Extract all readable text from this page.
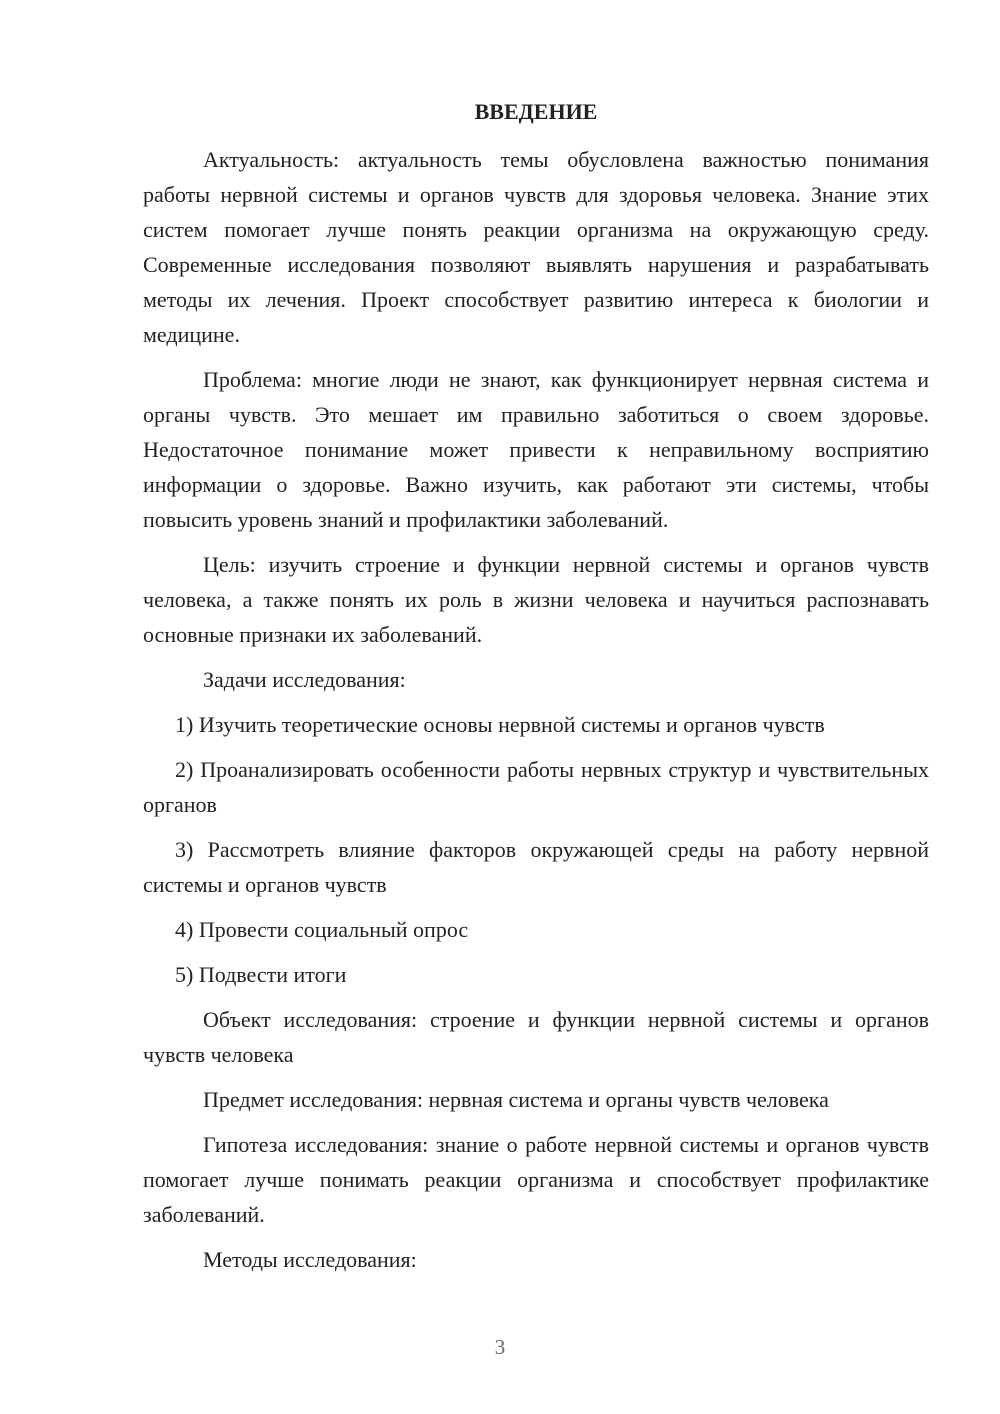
ВВЕДЕНИЕ

Актуальность: актуальность темы обусловлена важностью понимания работы нервной системы и органов чувств для здоровья человека. Знание этих систем помогает лучше понять реакции организма на окружающую среду. Современные исследования позволяют выявлять нарушения и разрабатывать методы их лечения. Проект способствует развитию интереса к биологии и медицине.

Проблема: многие люди не знают, как функционирует нервная система и органы чувств. Это мешает им правильно заботиться о своем здоровье. Недостаточное понимание может привести к неправильному восприятию информации о здоровье. Важно изучить, как работают эти системы, чтобы повысить уровень знаний и профилактики заболеваний.

Цель: изучить строение и функции нервной системы и органов чувств человека, а также понять их роль в жизни человека и научиться распознавать основные признаки их заболеваний.

Задачи исследования:

1) Изучить теоретические основы нервной системы и органов чувств

2) Проанализировать особенности работы нервных структур и чувствительных органов

3) Рассмотреть влияние факторов окружающей среды на работу нервной системы и органов чувств

4) Провести социальный опрос

5) Подвести итоги

Объект исследования: строение и функции нервной системы и органов чувств человека

Предмет исследования: нервная система и органы чувств человека

Гипотеза исследования: знание о работе нервной системы и органов чувств помогает лучше понимать реакции организма и способствует профилактике заболеваний.

Методы исследования:

3
